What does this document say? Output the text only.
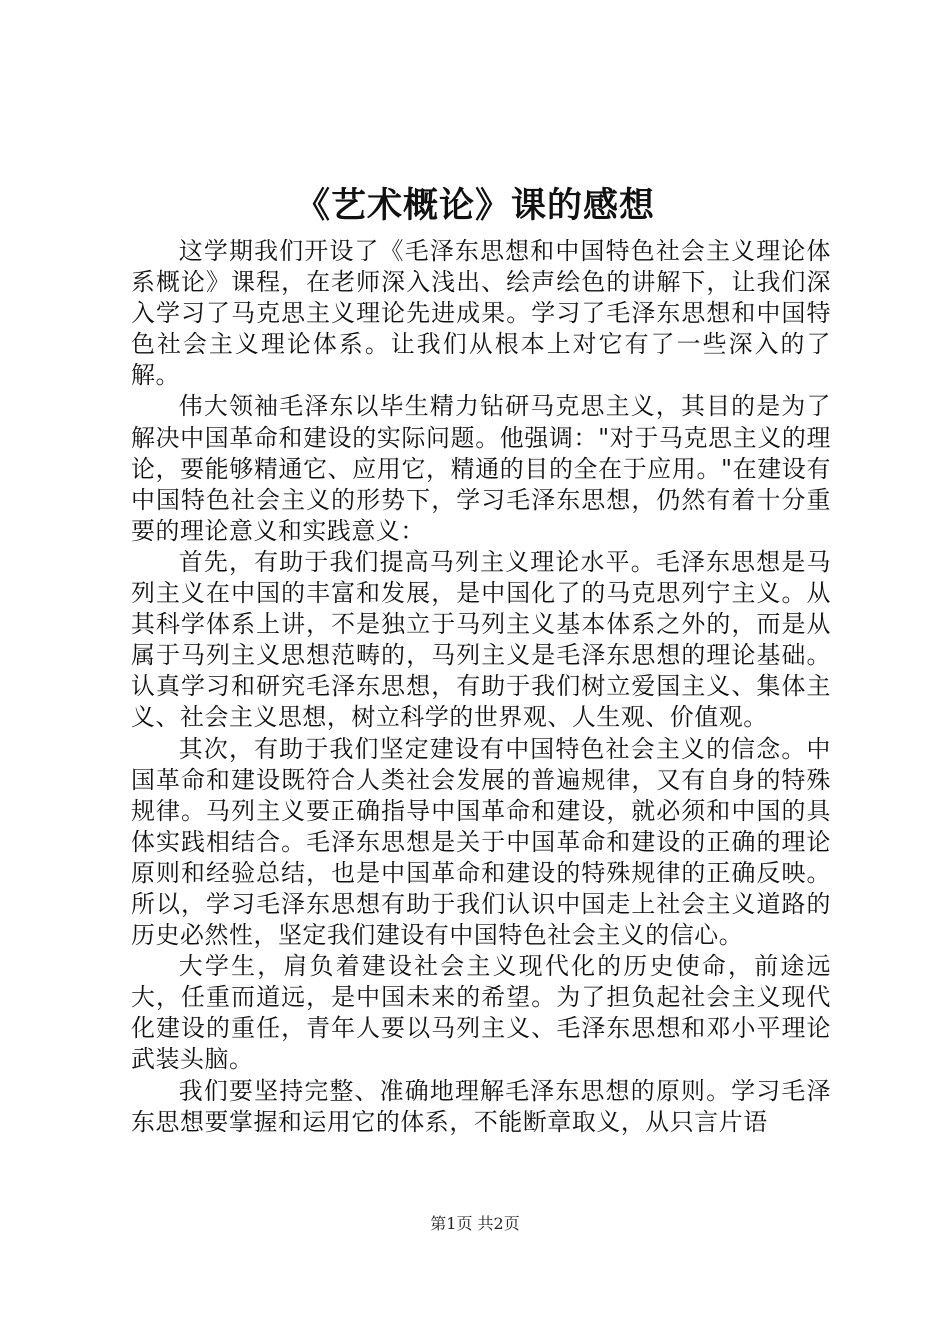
《艺术概论》课的感想

这学期我们开设了《毛泽东思想和中国特色社会主义理论体系概论》课程，在老师深入浅出、绘声绘色的讲解下，让我们深入学习了马克思主义理论先进成果。学习了毛泽东思想和中国特色社会主义理论体系。让我们从根本上对它有了一些深入的了解。

伟大领袖毛泽东以毕生精力钻研马克思主义，其目的是为了解决中国革命和建设的实际问题。他强调："对于马克思主义的理论，要能够精通它、应用它，精通的目的全在于应用。"在建设有中国特色社会主义的形势下，学习毛泽东思想，仍然有着十分重要的理论意义和实践意义：

首先，有助于我们提高马列主义理论水平。毛泽东思想是马列主义在中国的丰富和发展，是中国化了的马克思列宁主义。从其科学体系上讲，不是独立于马列主义基本体系之外的，而是从属于马列主义思想范畴的，马列主义是毛泽东思想的理论基础。认真学习和研究毛泽东思想，有助于我们树立爱国主义、集体主义、社会主义思想，树立科学的世界观、人生观、价值观。

其次，有助于我们坚定建设有中国特色社会主义的信念。中国革命和建设既符合人类社会发展的普遍规律，又有自身的特殊规律。马列主义要正确指导中国革命和建设，就必须和中国的具体实践相结合。毛泽东思想是关于中国革命和建设的正确的理论原则和经验总结，也是中国革命和建设的特殊规律的正确反映。所以，学习毛泽东思想有助于我们认识中国走上社会主义道路的历史必然性，坚定我们建设有中国特色社会主义的信心。

大学生，肩负着建设社会主义现代化的历史使命，前途远大，任重而道远，是中国未来的希望。为了担负起社会主义现代化建设的重任，青年人要以马列主义、毛泽东思想和邓小平理论武装头脑。

我们要坚持完整、准确地理解毛泽东思想的原则。学习毛泽东思想要掌握和运用它的体系，不能断章取义，从只言片语

第1页 共2页
